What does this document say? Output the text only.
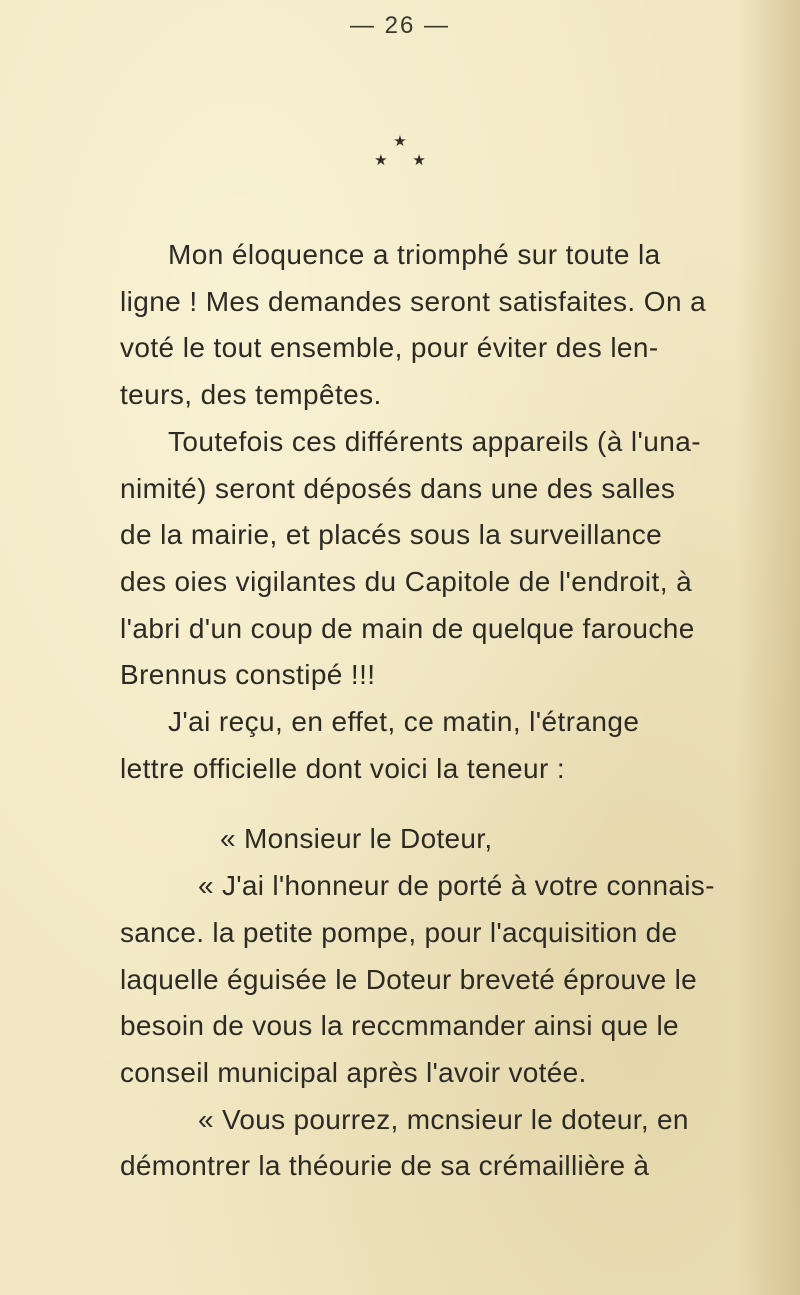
— 26 —
★
★ ★
Mon éloquence a triomphé sur toute la
ligne ! Mes demandes seront satisfaites. On a
voté le tout ensemble, pour éviter des len-
teurs, des tempêtes.
Toutefois ces différents appareils (à l'una-
nimité) seront déposés dans une des salles
de la mairie, et placés sous la surveillance
des oies vigilantes du Capitole de l'endroit, à
l'abri d'un coup de main de quelque farouche
Brennus constipé !!!
J'ai reçu, en effet, ce matin, l'étrange
lettre officielle dont voici la teneur :
« Monsieur le Doteur,
« J'ai l'honneur de porté à votre connais-
sance. la petite pompe, pour l'acquisition de
laquelle éguisée le Doteur breveté éprouve le
besoin de vous la reccmmander ainsi que le
conseil municipal après l'avoir votée.
« Vous pourrez, mcnsieur le doteur, en
démontrer la théourie de sa crémaillière à
